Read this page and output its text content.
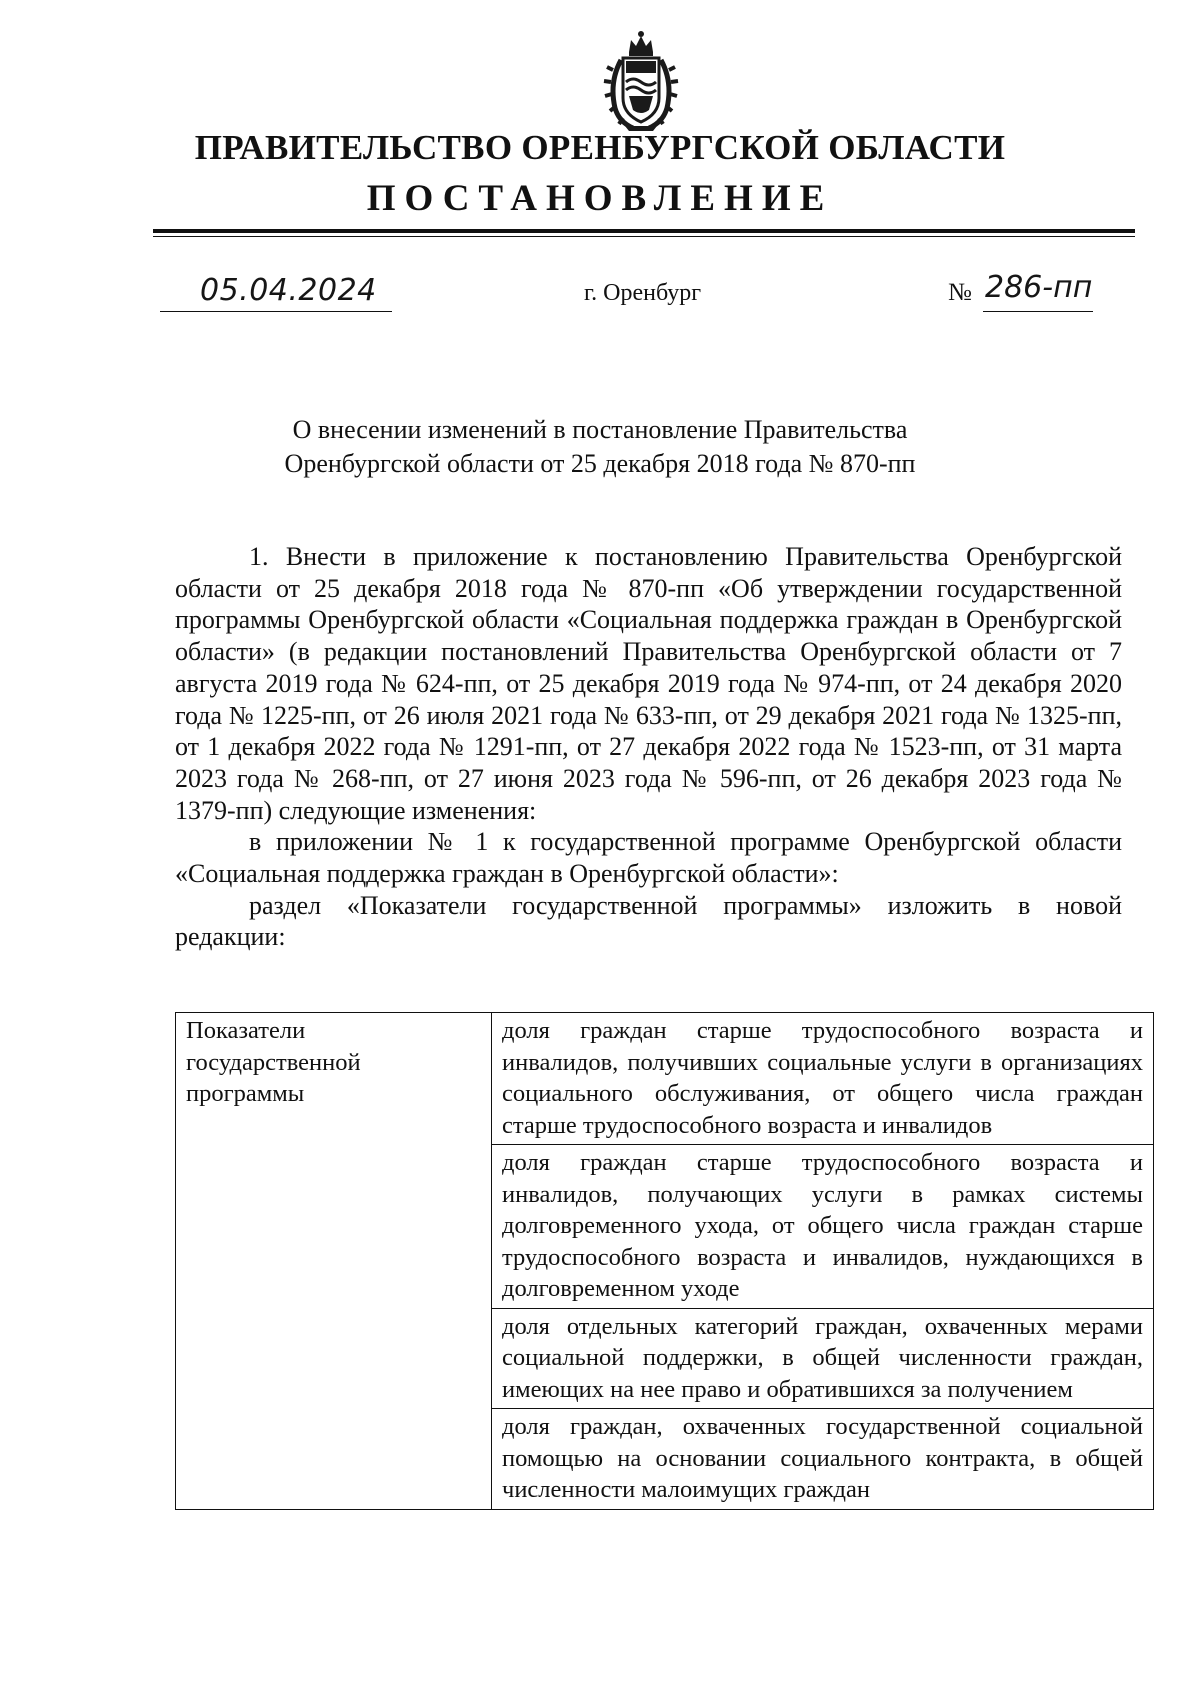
ПРАВИТЕЛЬСТВО ОРЕНБУРГСКОЙ ОБЛАСТИ
ПОСТАНОВЛЕНИЕ
05.04.2024	г. Оренбург	№ 286-пп
О внесении изменений в постановление Правительства
Оренбургской области от 25 декабря 2018 года № 870-пп

1. Внести в приложение к постановлению Правительства Оренбургской области от 25 декабря 2018 года № 870-пп «Об утверждении государственной программы Оренбургской области «Социальная поддержка граждан в Оренбургской области» (в редакции постановлений Правительства Оренбургской области от 7 августа 2019 года № 624-пп, от 25 декабря 2019 года № 974-пп, от 24 декабря 2020 года № 1225-пп, от 26 июля 2021 года № 633-пп, от 29 декабря 2021 года № 1325-пп, от 1 декабря 2022 года № 1291-пп, от 27 декабря 2022 года № 1523-пп, от 31 марта 2023 года № 268-пп, от 27 июня 2023 года № 596-пп, от 26 декабря 2023 года № 1379-пп) следующие изменения:

в приложении № 1 к государственной программе Оренбургской области «Социальная поддержка граждан в Оренбургской области»:

раздел «Показатели государственной программы» изложить в новой редакции:

Показатели государственной программы	доля граждан старше трудоспособного возраста и инвалидов, получивших социальные услуги в организациях социального обслуживания, от общего числа граждан старше трудоспособного возраста и инвалидов
доля граждан старше трудоспособного возраста и инвалидов, получающих услуги в рамках системы долговременного ухода, от общего числа граждан старше трудоспособного возраста и инвалидов, нуждающихся в долговременном уходе
доля отдельных категорий граждан, охваченных мерами социальной поддержки, в общей численности граждан, имеющих на нее право и обратившихся за получением
доля граждан, охваченных государственной социальной помощью на основании социального контракта, в общей численности малоимущих граждан
